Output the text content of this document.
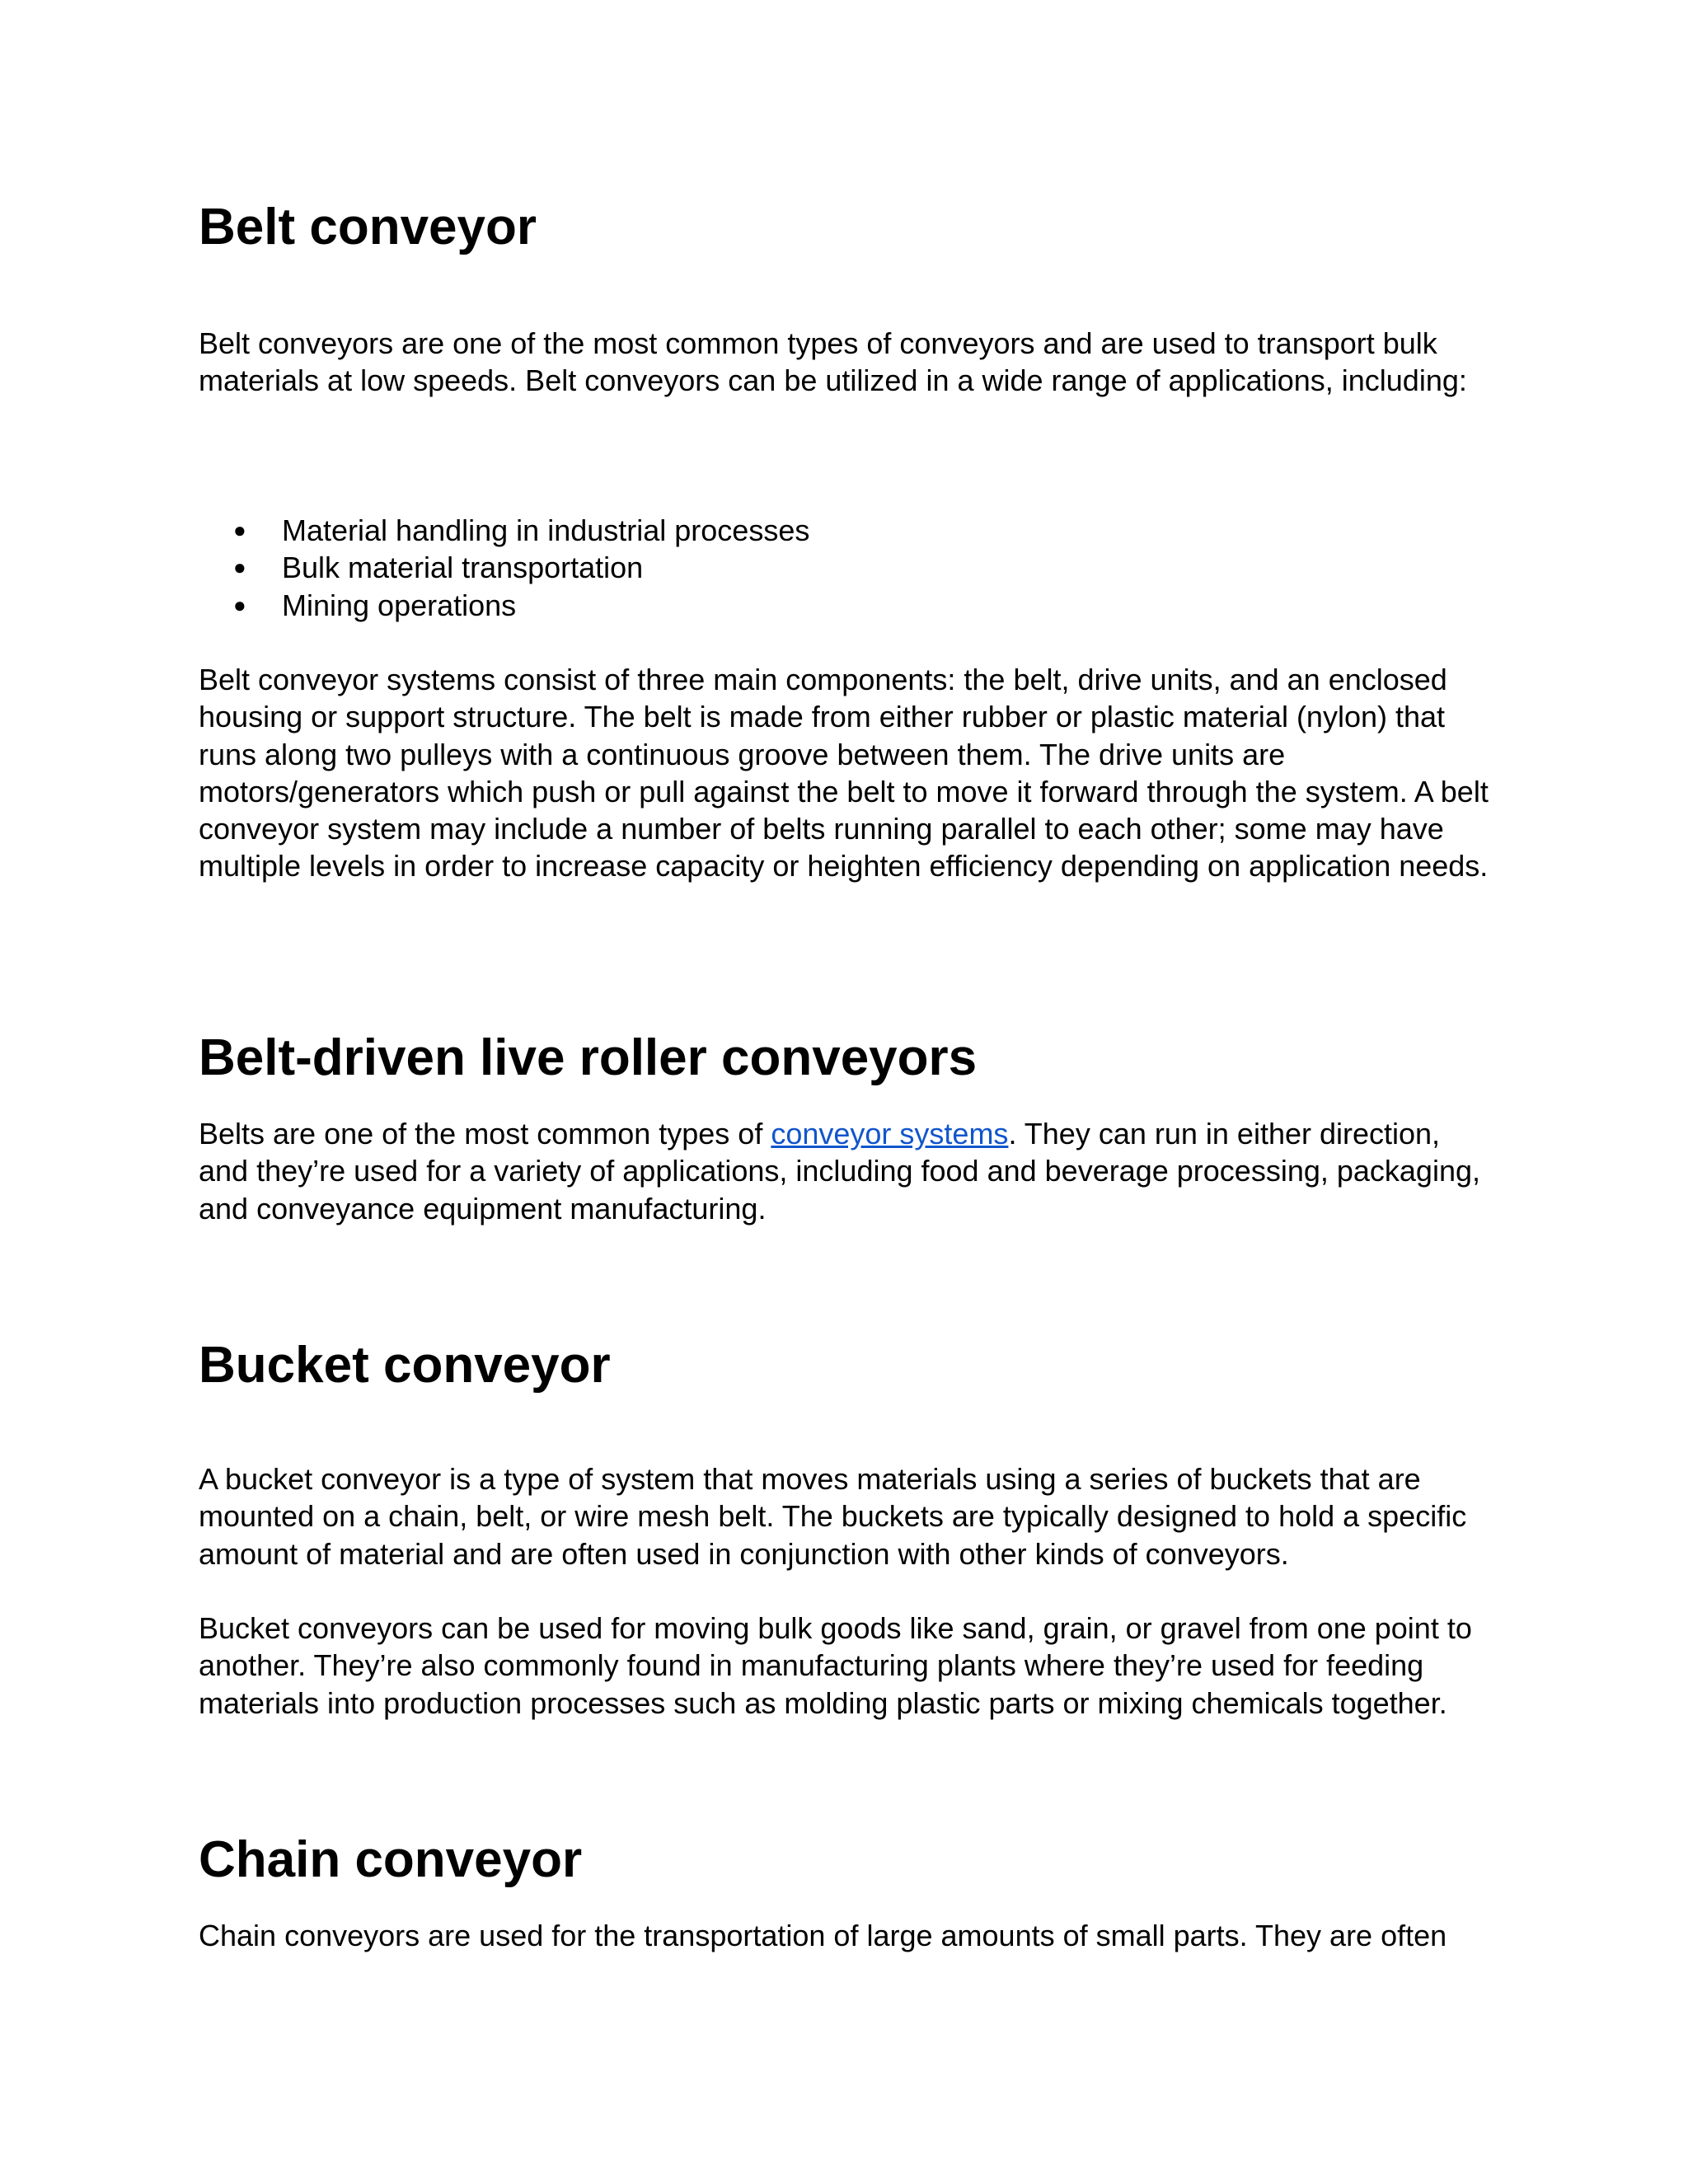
Belt conveyor

Belt conveyors are one of the most common types of conveyors and are used to transport bulk materials at low speeds. Belt conveyors can be utilized in a wide range of applications, including:

● Material handling in industrial processes
● Bulk material transportation
● Mining operations

Belt conveyor systems consist of three main components: the belt, drive units, and an enclosed housing or support structure. The belt is made from either rubber or plastic material (nylon) that runs along two pulleys with a continuous groove between them. The drive units are motors/generators which push or pull against the belt to move it forward through the system. A belt conveyor system may include a number of belts running parallel to each other; some may have multiple levels in order to increase capacity or heighten efficiency depending on application needs.

Belt-driven live roller conveyors

Belts are one of the most common types of conveyor systems. They can run in either direction, and they’re used for a variety of applications, including food and beverage processing, packaging, and conveyance equipment manufacturing.

Bucket conveyor

A bucket conveyor is a type of system that moves materials using a series of buckets that are mounted on a chain, belt, or wire mesh belt. The buckets are typically designed to hold a specific amount of material and are often used in conjunction with other kinds of conveyors.

Bucket conveyors can be used for moving bulk goods like sand, grain, or gravel from one point to another. They’re also commonly found in manufacturing plants where they’re used for feeding materials into production processes such as molding plastic parts or mixing chemicals together.

Chain conveyor

Chain conveyors are used for the transportation of large amounts of small parts. They are often
